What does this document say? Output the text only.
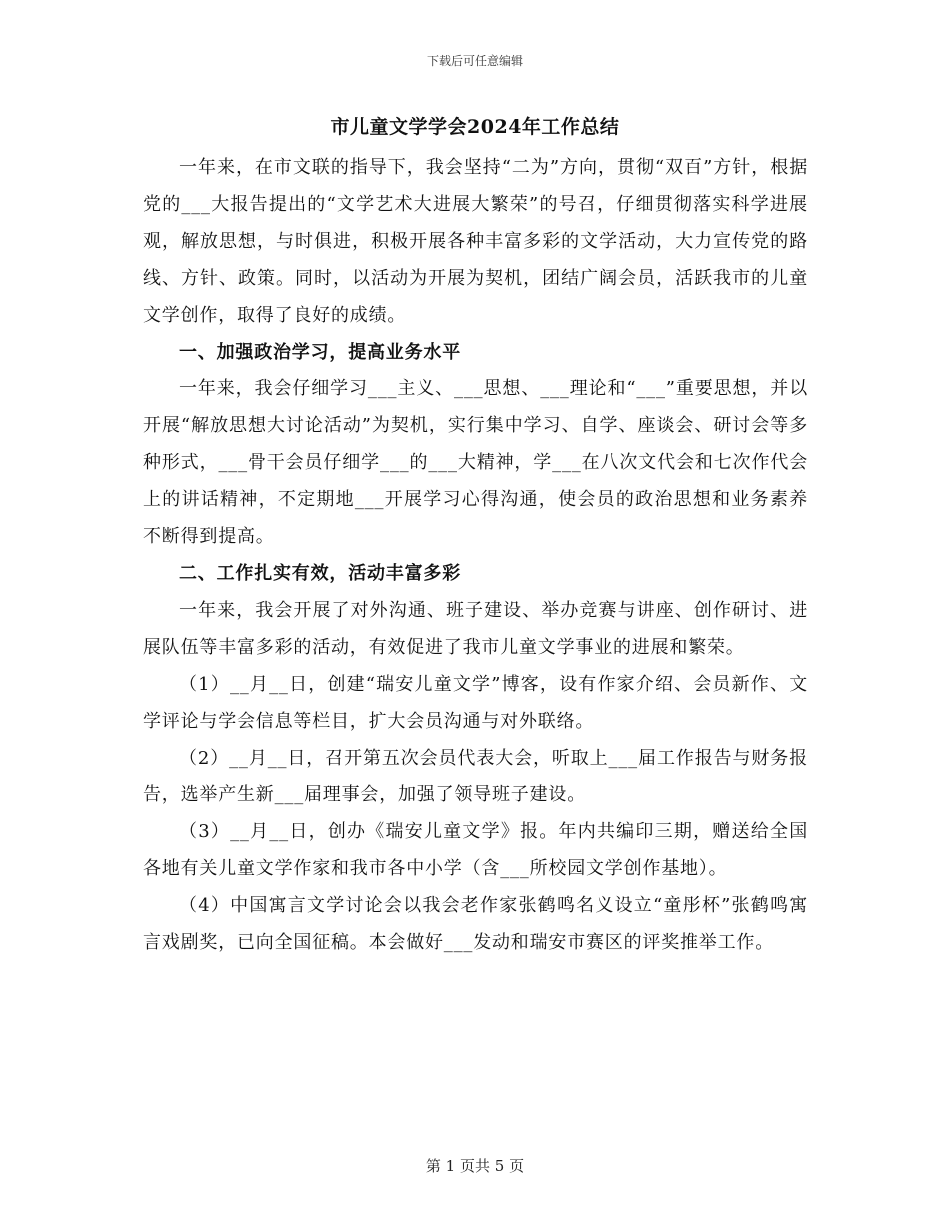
下载后可任意编辑
市儿童文学学会2024年工作总结

一年来，在市文联的指导下，我会坚持“二为”方向，贯彻“双百”方针，根据党的___大报告提出的“文学艺术大进展大繁荣”的号召，仔细贯彻落实科学进展观，解放思想，与时俱进，积极开展各种丰富多彩的文学活动，大力宣传党的路线、方针、政策。同时，以活动为开展为契机，团结广阔会员，活跃我市的儿童文学创作，取得了良好的成绩。

一、加强政治学习，提高业务水平

一年来，我会仔细学习___主义、___思想、___理论和“___”重要思想，并以开展“解放思想大讨论活动”为契机，实行集中学习、自学、座谈会、研讨会等多种形式，___骨干会员仔细学___的___大精神，学___在八次文代会和七次作代会上的讲话精神，不定期地___开展学习心得沟通，使会员的政治思想和业务素养不断得到提高。

二、工作扎实有效，活动丰富多彩

一年来，我会开展了对外沟通、班子建设、举办竞赛与讲座、创作研讨、进展队伍等丰富多彩的活动，有效促进了我市儿童文学事业的进展和繁荣。

（1）__月__日，创建“瑞安儿童文学”博客，设有作家介绍、会员新作、文学评论与学会信息等栏目，扩大会员沟通与对外联络。

（2）__月__日，召开第五次会员代表大会，听取上___届工作报告与财务报告，选举产生新___届理事会，加强了领导班子建设。

（3）__月__日，创办《瑞安儿童文学》报。年内共编印三期，赠送给全国各地有关儿童文学作家和我市各中小学（含___所校园文学创作基地）。

（4）中国寓言文学讨论会以我会老作家张鹤鸣名义设立“童彤杯”张鹤鸣寓言戏剧奖，已向全国征稿。本会做好___发动和瑞安市赛区的评奖推举工作。

第 1 页共 5 页
